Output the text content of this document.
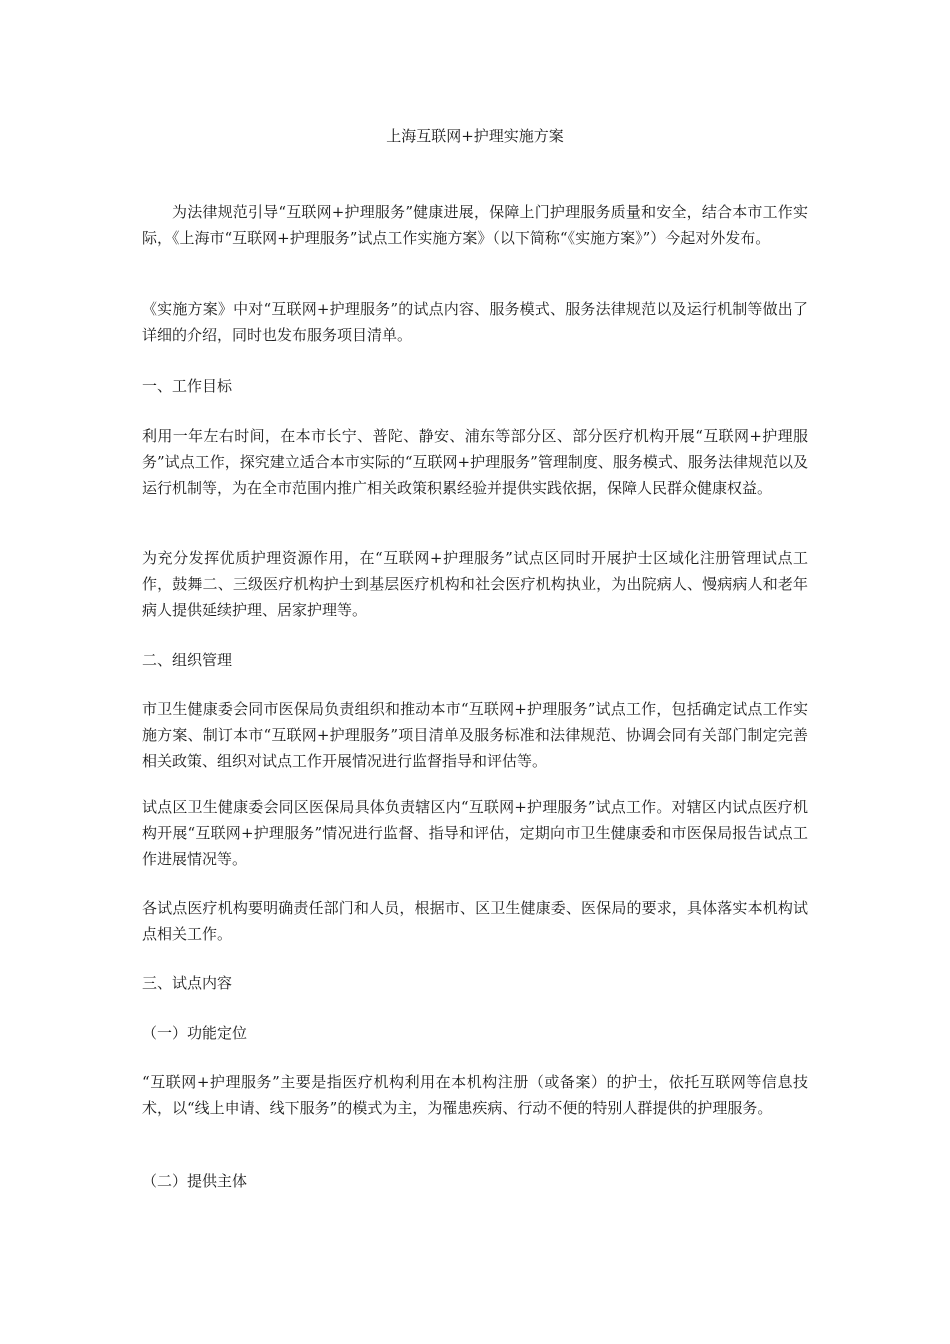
上海互联网+护理实施方案
为法律规范引导“互联网+护理服务”健康进展，保障上门护理服务质量和安全，结合本市工作实际，《上海市“互联网+护理服务”试点工作实施方案》（以下简称“《实施方案》”）今起对外发布。
《实施方案》中对“互联网+护理服务”的试点内容、服务模式、服务法律规范以及运行机制等做出了详细的介绍，同时也发布服务项目清单。
一、工作目标
利用一年左右时间，在本市长宁、普陀、静安、浦东等部分区、部分医疗机构开展“互联网+护理服务”试点工作，探究建立适合本市实际的“互联网+护理服务”管理制度、服务模式、服务法律规范以及运行机制等，为在全市范围内推广相关政策积累经验并提供实践依据，保障人民群众健康权益。
为充分发挥优质护理资源作用，在“互联网+护理服务”试点区同时开展护士区域化注册管理试点工作，鼓舞二、三级医疗机构护士到基层医疗机构和社会医疗机构执业，为出院病人、慢病病人和老年病人提供延续护理、居家护理等。
二、组织管理
市卫生健康委会同市医保局负责组织和推动本市“互联网+护理服务”试点工作，包括确定试点工作实施方案、制订本市“互联网+护理服务”项目清单及服务标准和法律规范、协调会同有关部门制定完善相关政策、组织对试点工作开展情况进行监督指导和评估等。
试点区卫生健康委会同区医保局具体负责辖区内“互联网+护理服务”试点工作。对辖区内试点医疗机构开展“互联网+护理服务”情况进行监督、指导和评估，定期向市卫生健康委和市医保局报告试点工作进展情况等。
各试点医疗机构要明确责任部门和人员，根据市、区卫生健康委、医保局的要求，具体落实本机构试点相关工作。
三、试点内容
（一）功能定位
“互联网+护理服务”主要是指医疗机构利用在本机构注册（或备案）的护士，依托互联网等信息技术，以“线上申请、线下服务”的模式为主，为罹患疾病、行动不便的特别人群提供的护理服务。
（二）提供主体
